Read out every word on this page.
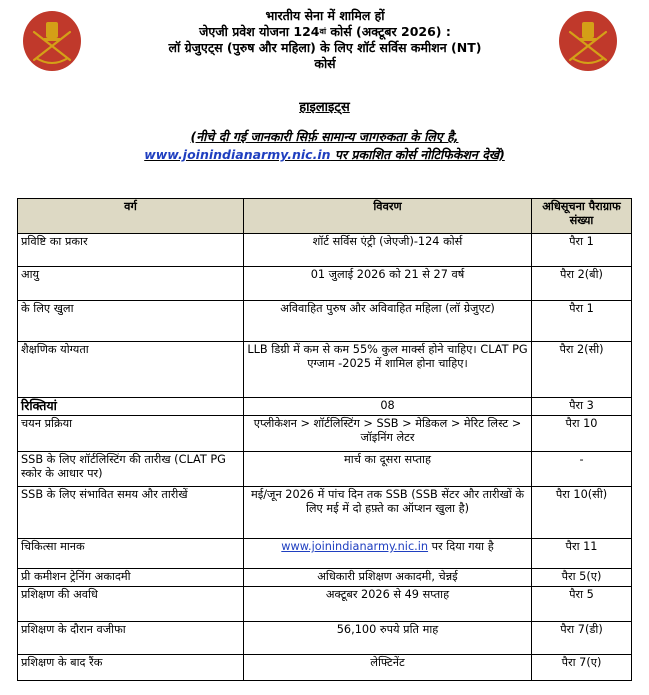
भारतीय सेना में शामिल हों
जेएजी प्रवेश योजना $124^{वां}$ कोर्स (अक्टूबर 2026) :
लॉ ग्रेजुएट्स (पुरुष और महिला) के लिए शॉर्ट सर्विस कमीशन (NT)
कोर्स
हाइलाइट्स
(नीचे दी गई जानकारी सिर्फ़ सामान्य जागरुकता के लिए है,
www.joinindianarmy.nic.in पर प्रकाशित कोर्स नोटिफिकेशन देखें)
वर्ग	विवरण	अधिसूचना पैराग्राफ संख्या
प्रविष्टि का प्रकार	शॉर्ट सर्विस एंट्री (जेएजी)-124 कोर्स	पैरा 1
आयु	01 जुलाई 2026 को 21 से 27 वर्ष	पैरा 2(बी)
के लिए खुला	अविवाहित पुरुष और अविवाहित महिला (लॉ ग्रेजुएट)	पैरा 1
शैक्षणिक योग्यता	LLB डिग्री में कम से कम 55% कुल मार्क्स होने चाहिए। CLAT PG एग्जाम -2025 में शामिल होना चाहिए।	पैरा 2(सी)
रिक्तियां	08	पैरा 3
चयन प्रक्रिया	एप्लीकेशन > शॉर्टलिस्टिंग > SSB > मेडिकल > मेरिट लिस्ट > जॉइनिंग लेटर	पैरा 10
SSB के लिए शॉर्टलिस्टिंग की तारीख (CLAT PG स्कोर के आधार पर)	मार्च का दूसरा सप्ताह	-
SSB के लिए संभावित समय और तारीखें	मई/जून 2026 में पांच दिन तक SSB (SSB सेंटर और तारीखों के लिए मई में दो हफ़्ते का ऑप्शन खुला है)	पैरा 10(सी)
चिकित्सा मानक	www.joinindianarmy.nic.in पर दिया गया है	पैरा 11
प्री कमीशन ट्रेनिंग अकादमी	अधिकारी प्रशिक्षण अकादमी, चेन्नई	पैरा 5(ए)
प्रशिक्षण की अवधि	अक्टूबर 2026 से 49 सप्ताह	पैरा 5
प्रशिक्षण के दौरान वजीफा	56,100 रुपये प्रति माह	पैरा 7(डी)
प्रशिक्षण के बाद रैंक	लेफ्टिनेंट	पैरा 7(ए)
